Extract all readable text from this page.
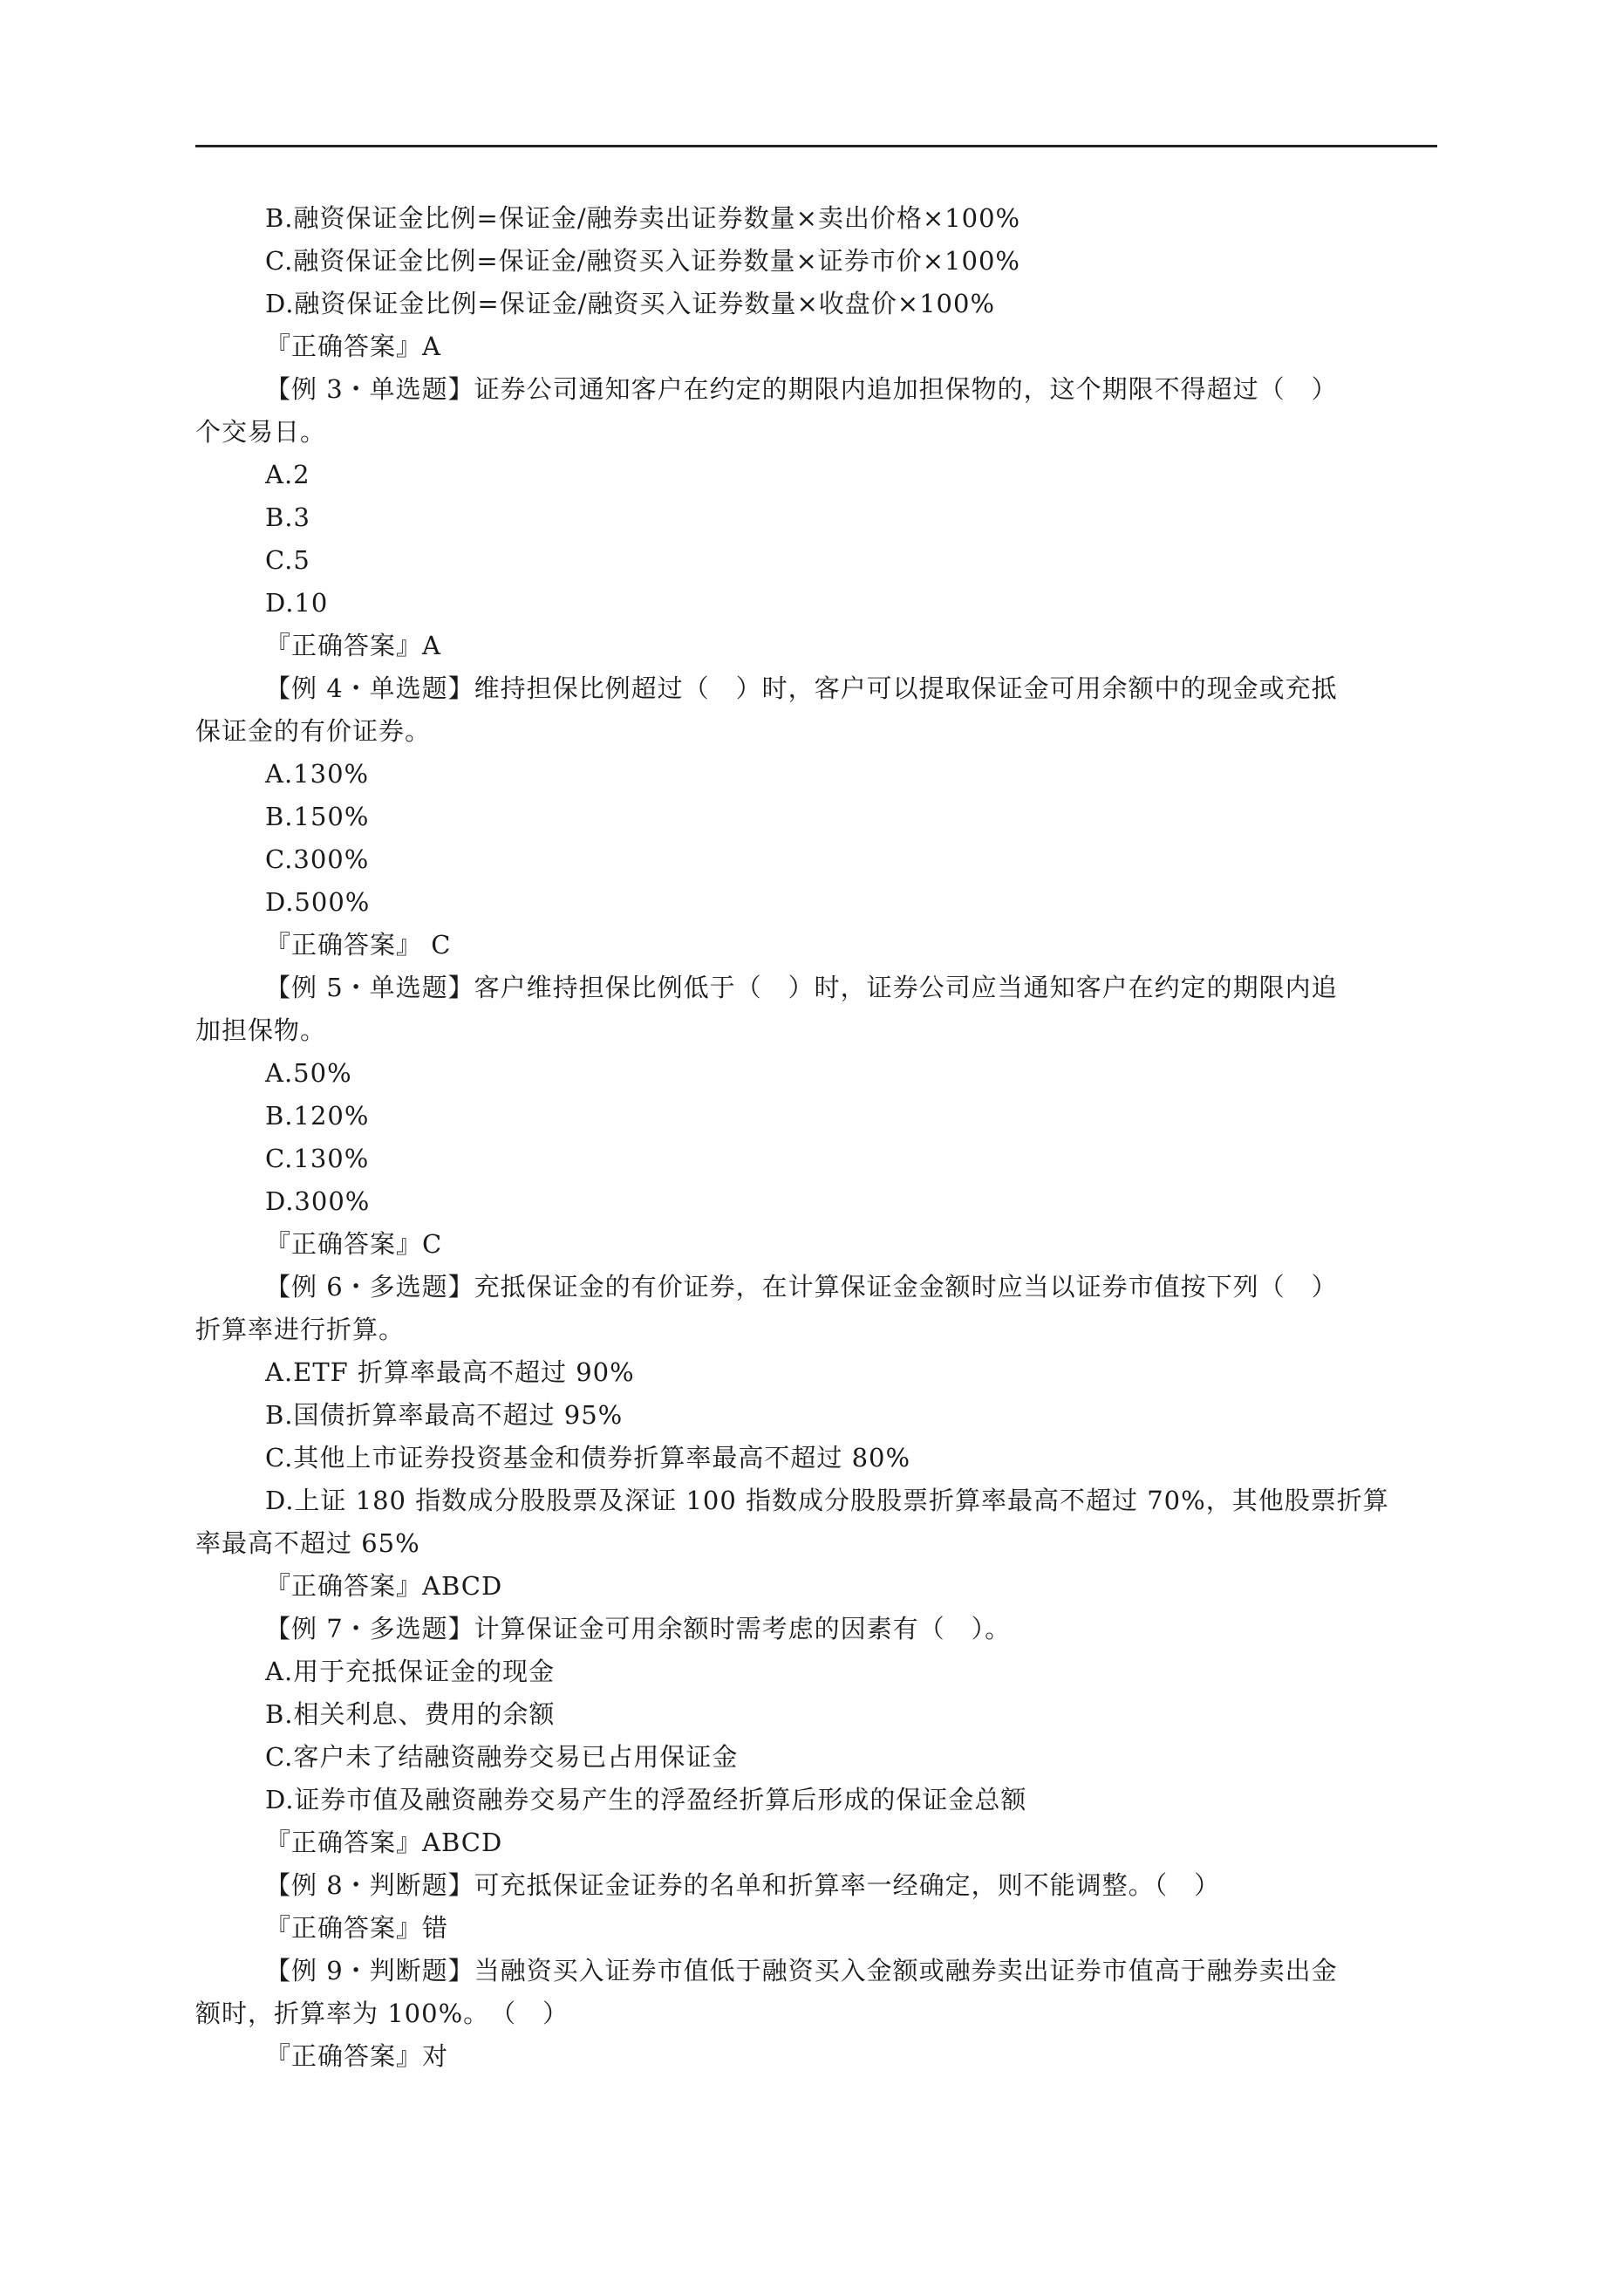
B.融资保证金比例=保证金/融券卖出证券数量×卖出价格×100%
C.融资保证金比例=保证金/融资买入证券数量×证券市价×100%
D.融资保证金比例=保证金/融资买入证券数量×收盘价×100%
『正确答案』A
【例 3・单选题】证券公司通知客户在约定的期限内追加担保物的，这个期限不得超过（　）
个交易日。
A.2
B.3
C.5
D.10
『正确答案』A
【例 4・单选题】维持担保比例超过（　）时，客户可以提取保证金可用余额中的现金或充抵
保证金的有价证券。
A.130%
B.150%
C.300%
D.500%
『正确答案』 C
【例 5・单选题】客户维持担保比例低于（　）时，证券公司应当通知客户在约定的期限内追
加担保物。
A.50%
B.120%
C.130%
D.300%
『正确答案』C
【例 6・多选题】充抵保证金的有价证券，在计算保证金金额时应当以证券市值按下列（　）
折算率进行折算。
A.ETF 折算率最高不超过 90%
B.国债折算率最高不超过 95%
C.其他上市证券投资基金和债券折算率最高不超过 80%
D.上证 180 指数成分股股票及深证 100 指数成分股股票折算率最高不超过 70%，其他股票折算
率最高不超过 65%
『正确答案』ABCD
【例 7・多选题】计算保证金可用余额时需考虑的因素有（　）。
A.用于充抵保证金的现金
B.相关利息、费用的余额
C.客户未了结融资融券交易已占用保证金
D.证券市值及融资融券交易产生的浮盈经折算后形成的保证金总额
『正确答案』ABCD
【例 8・判断题】可充抵保证金证券的名单和折算率一经确定，则不能调整。（　）
『正确答案』错
【例 9・判断题】当融资买入证券市值低于融资买入金额或融券卖出证券市值高于融券卖出金
额时，折算率为 100%。　（　）
『正确答案』对
